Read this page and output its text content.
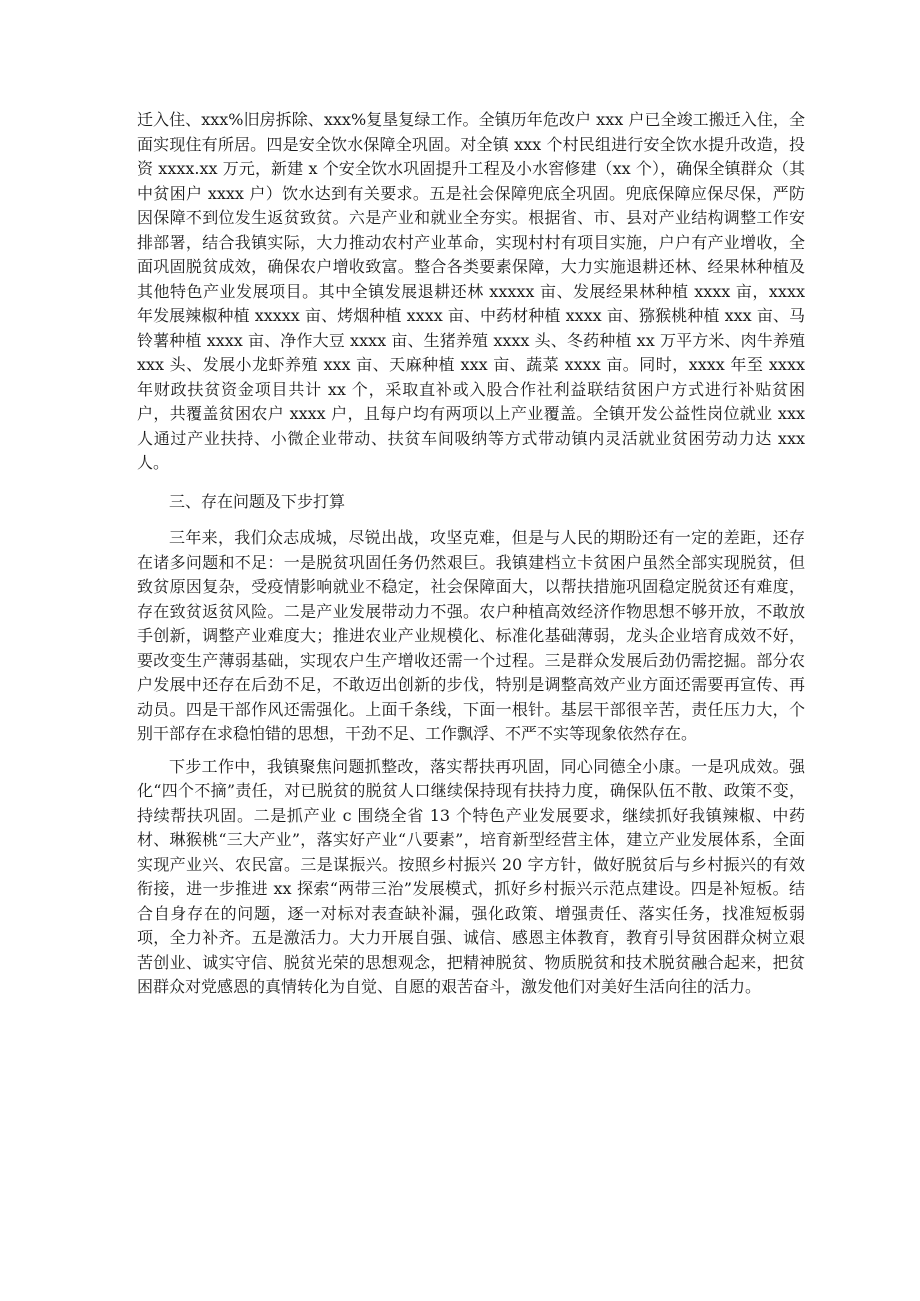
迁入住、xxx%旧房拆除、xxx%复垦复绿工作。全镇历年危改户 xxx 户已全竣工搬迁入住，全面实现住有所居。四是安全饮水保障全巩固。对全镇 xxx 个村民组进行安全饮水提升改造，投资 xxxx.xx 万元，新建 x 个安全饮水巩固提升工程及小水窖修建（xx 个），确保全镇群众（其中贫困户 xxxx 户）饮水达到有关要求。五是社会保障兜底全巩固。兜底保障应保尽保，严防因保障不到位发生返贫致贫。六是产业和就业全夯实。根据省、市、县对产业结构调整工作安排部署，结合我镇实际，大力推动农村产业革命，实现村村有项目实施，户户有产业增收，全面巩固脱贫成效，确保农户增收致富。整合各类要素保障，大力实施退耕还林、经果林种植及其他特色产业发展项目。其中全镇发展退耕还林 xxxxx 亩、发展经果林种植 xxxx 亩，xxxx 年发展辣椒种植 xxxxx 亩、烤烟种植 xxxx 亩、中药材种植 xxxx 亩、猕猴桃种植 xxx 亩、马铃薯种植 xxxx 亩、净作大豆 xxxx 亩、生猪养殖 xxxx 头、冬药种植 xx 万平方米、肉牛养殖 xxx 头、发展小龙虾养殖 xxx 亩、天麻种植 xxx 亩、蔬菜 xxxx 亩。同时，xxxx 年至 xxxx 年财政扶贫资金项目共计 xx 个，采取直补或入股合作社利益联结贫困户方式进行补贴贫困户，共覆盖贫困农户 xxxx 户，且每户均有两项以上产业覆盖。全镇开发公益性岗位就业 xxx 人通过产业扶持、小微企业带动、扶贫车间吸纳等方式带动镇内灵活就业贫困劳动力达 xxx 人。

三、存在问题及下步打算

三年来，我们众志成城，尽锐出战，攻坚克难，但是与人民的期盼还有一定的差距，还存在诸多问题和不足：一是脱贫巩固任务仍然艰巨。我镇建档立卡贫困户虽然全部实现脱贫，但致贫原因复杂，受疫情影响就业不稳定，社会保障面大，以帮扶措施巩固稳定脱贫还有难度，存在致贫返贫风险。二是产业发展带动力不强。农户种植高效经济作物思想不够开放，不敢放手创新，调整产业难度大；推进农业产业规模化、标准化基础薄弱，龙头企业培育成效不好，要改变生产薄弱基础，实现农户生产增收还需一个过程。三是群众发展后劲仍需挖掘。部分农户发展中还存在后劲不足，不敢迈出创新的步伐，特别是调整高效产业方面还需要再宣传、再动员。四是干部作风还需强化。上面千条线，下面一根针。基层干部很辛苦，责任压力大，个别干部存在求稳怕错的思想，干劲不足、工作飘浮、不严不实等现象依然存在。

下步工作中，我镇聚焦问题抓整改，落实帮扶再巩固，同心同德全小康。一是巩成效。强化“四个不摘”责任，对已脱贫的脱贫人口继续保持现有扶持力度，确保队伍不散、政策不变，持续帮扶巩固。二是抓产业 c 围绕全省 13 个特色产业发展要求，继续抓好我镇辣椒、中药材、琳猴桃“三大产业”，落实好产业“八要素”，培育新型经营主体，建立产业发展体系，全面实现产业兴、农民富。三是谋振兴。按照乡村振兴 20 字方针，做好脱贫后与乡村振兴的有效衔接，进一步推进 xx 探索“两带三治”发展模式，抓好乡村振兴示范点建设。四是补短板。结合自身存在的问题，逐一对标对表查缺补漏，强化政策、增强责任、落实任务，找准短板弱项，全力补齐。五是激活力。大力开展自强、诚信、感恩主体教育，教育引导贫困群众树立艰苦创业、诚实守信、脱贫光荣的思想观念，把精神脱贫、物质脱贫和技术脱贫融合起来，把贫困群众对党感恩的真情转化为自觉、自愿的艰苦奋斗，激发他们对美好生活向往的活力。
